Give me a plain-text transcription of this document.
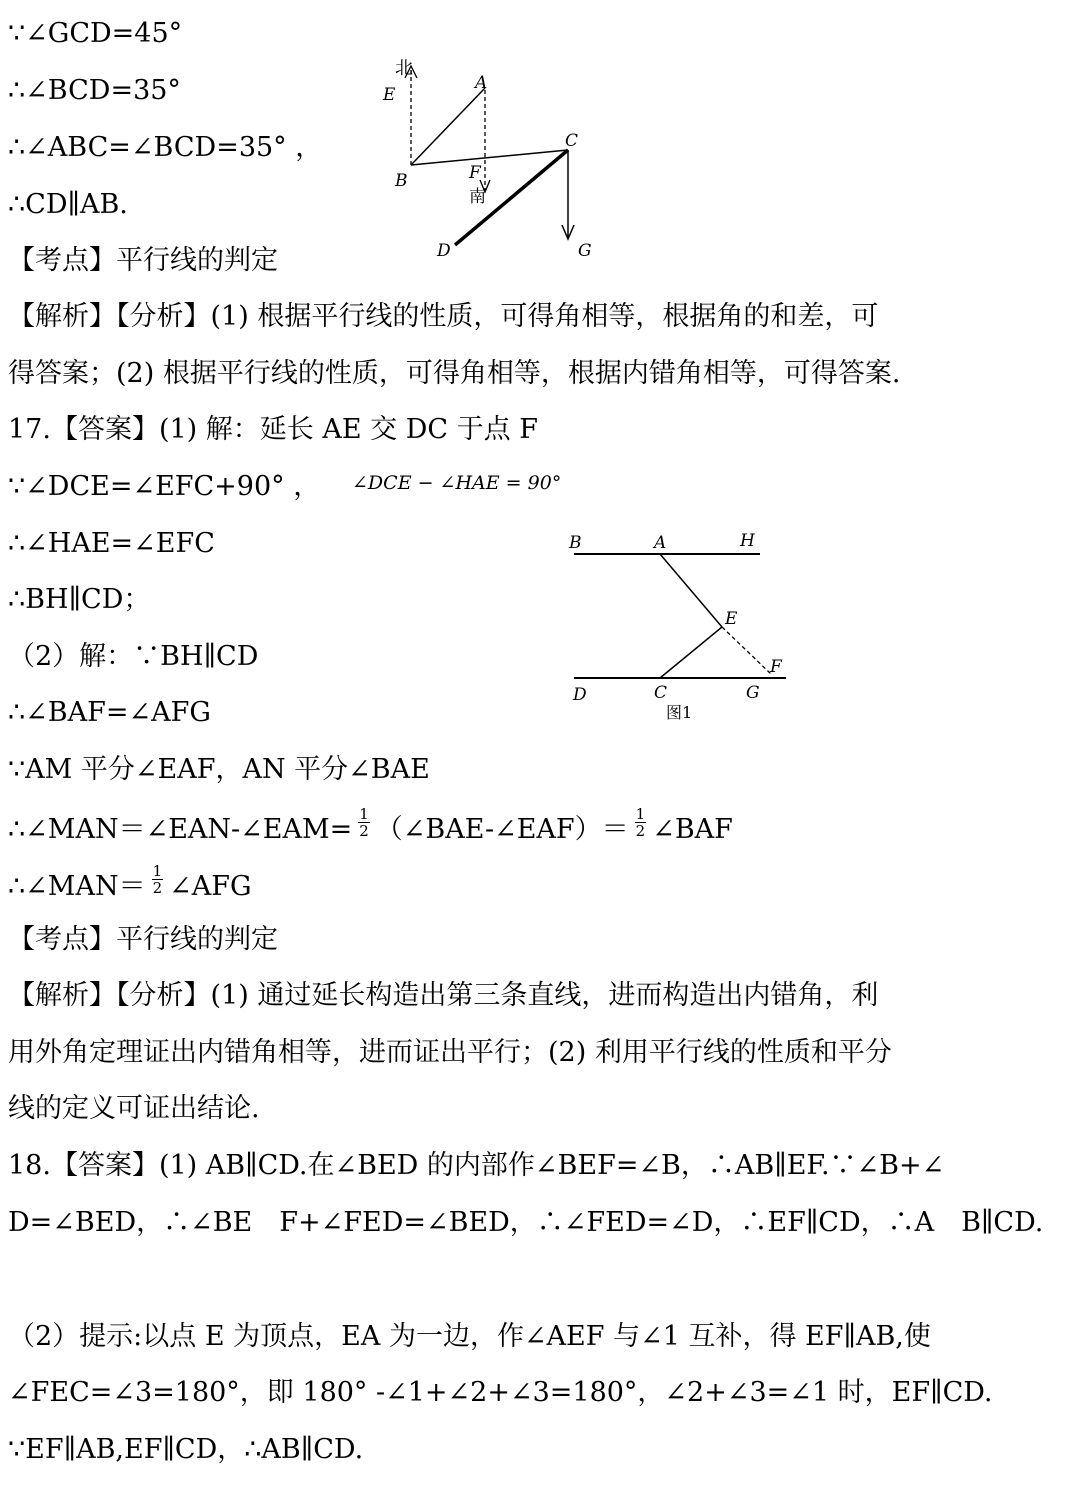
∵∠GCD=45°
∴∠BCD=35°
∴∠ABC=∠BCD=35° ，
∴CD∥AB.
【考点】平行线的判定
【解析】【分析】(1) 根据平行线的性质，可得角相等，根据角的和差，可
得答案；(2) 根据平行线的性质，可得角相等，根据内错角相等，可得答案.
17.【答案】(1) 解：延长 AE 交 DC 于点 F
∵∠DCE=∠EFC+90° ，
∴∠HAE=∠EFC
∴BH∥CD；
（2）解：∵BH∥CD
∴∠BAF=∠AFG
∵AM 平分∠EAF，AN 平分∠BAE
∴∠MAN＝∠EAN-∠EAM= $\frac{1}{2}$ （∠BAE-∠EAF）＝ $\frac{1}{2}$ ∠BAF
∴∠MAN＝ $\frac{1}{2}$ ∠AFG
【考点】平行线的判定
【解析】【分析】(1) 通过延长构造出第三条直线，进而构造出内错角，利
用外角定理证出内错角相等，进而证出平行；(2) 利用平行线的性质和平分
线的定义可证出结论.
18.【答案】(1) AB∥CD.在∠BED 的内部作∠BEF=∠B，∴AB∥EF.∵∠B+∠
D=∠BED，∴∠BE　F+∠FED=∠BED，∴∠FED=∠D，∴EF∥CD，∴A　B∥CD.
（2）提示:以点 E 为顶点，EA 为一边，作∠AEF 与∠1 互补，得 EF∥AB,使
∠FEC=∠3=180°，即 180° -∠1+∠2+∠3=180°，∠2+∠3=∠1 时，EF∥CD.
∵EF∥AB,EF∥CD，∴AB∥CD.
∠DCE − ∠HAE = 90°
北
E
A
B
C
F
南
D	G
B	A	H
E
F
D	C	G
图1
